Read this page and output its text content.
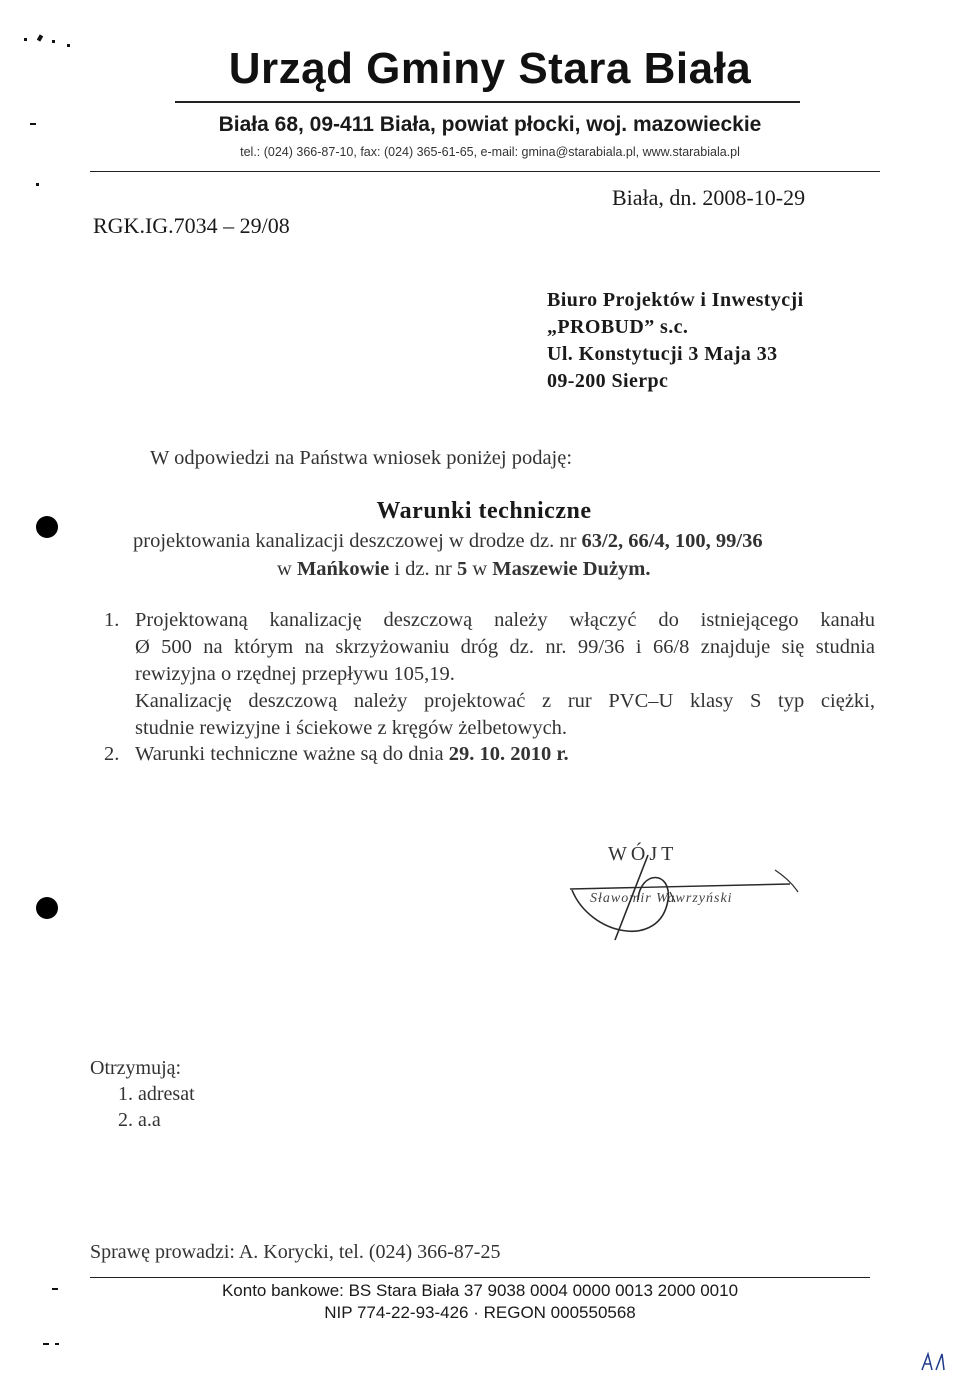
Urząd Gminy Stara Biała
Biała 68, 09-411 Biała, powiat płocki, woj. mazowieckie
tel.: (024) 366-87-10, fax: (024) 365-61-65, e-mail: gmina@starabiala.pl, www.starabiala.pl
RGK.IG.7034 – 29/08
Biała, dn. 2008-10-29
Biuro Projektów i Inwestycji
„PROBUD” s.c.
Ul. Konstytucji 3 Maja 33
09-200 Sierpc
W odpowiedzi na Państwa wniosek poniżej podaję:
Warunki techniczne
projektowania kanalizacji deszczowej w drodze dz. nr 63/2, 66/4, 100, 99/36
w Mańkowie i dz. nr 5 w Maszewie Dużym.
1. Projektowaną kanalizację deszczową należy włączyć do istniejącego kanału
Ø 500 na którym na skrzyżowaniu dróg dz. nr. 99/36 i 66/8 znajduje się studnia
rewizyjna o rzędnej przepływu 105,19.
Kanalizację deszczową należy projektować z rur PVC–U klasy S typ ciężki,
studnie rewizyjne i ściekowe z kręgów żelbetowych.
2. Warunki techniczne ważne są do dnia 29. 10. 2010 r.
WÓJT
Sławomir Wawrzyński
Otrzymują:
1. adresat
2. a.a
Sprawę prowadzi: A. Korycki, tel. (024) 366-87-25
Konto bankowe: BS Stara Biała 37 9038 0004 0000 0013 2000 0010
NIP 774-22-93-426 · REGON 000550568
